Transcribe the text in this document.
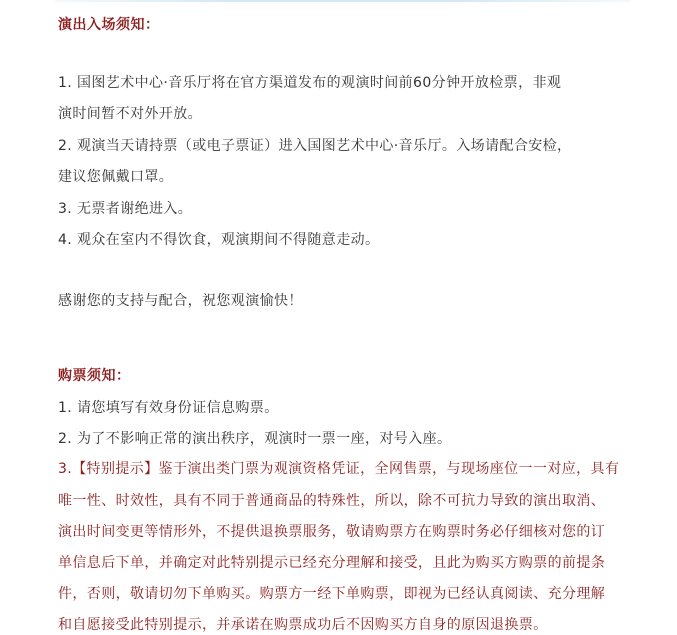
演出入场须知：
1. 国图艺术中心·音乐厅将在官方渠道发布的观演时间前60分钟开放检票，非观
演时间暂不对外开放。
2. 观演当天请持票（或电子票证）进入国图艺术中心·音乐厅。入场请配合安检，
建议您佩戴口罩。
3. 无票者谢绝进入。
4. 观众在室内不得饮食，观演期间不得随意走动。
感谢您的支持与配合，祝您观演愉快！
购票须知：
1. 请您填写有效身份证信息购票。
2. 为了不影响正常的演出秩序，观演时一票一座，对号入座。
3.【特别提示】鉴于演出类门票为观演资格凭证，全网售票，与现场座位一一对应，具有
唯一性、时效性，具有不同于普通商品的特殊性，所以，除不可抗力导致的演出取消、
演出时间变更等情形外，不提供退换票服务，敬请购票方在购票时务必仔细核对您的订
单信息后下单，并确定对此特别提示已经充分理解和接受，且此为购买方购票的前提条
件，否则，敬请切勿下单购买。购票方一经下单购票，即视为已经认真阅读、充分理解
和自愿接受此特别提示，并承诺在购票成功后不因购买方自身的原因退换票。
